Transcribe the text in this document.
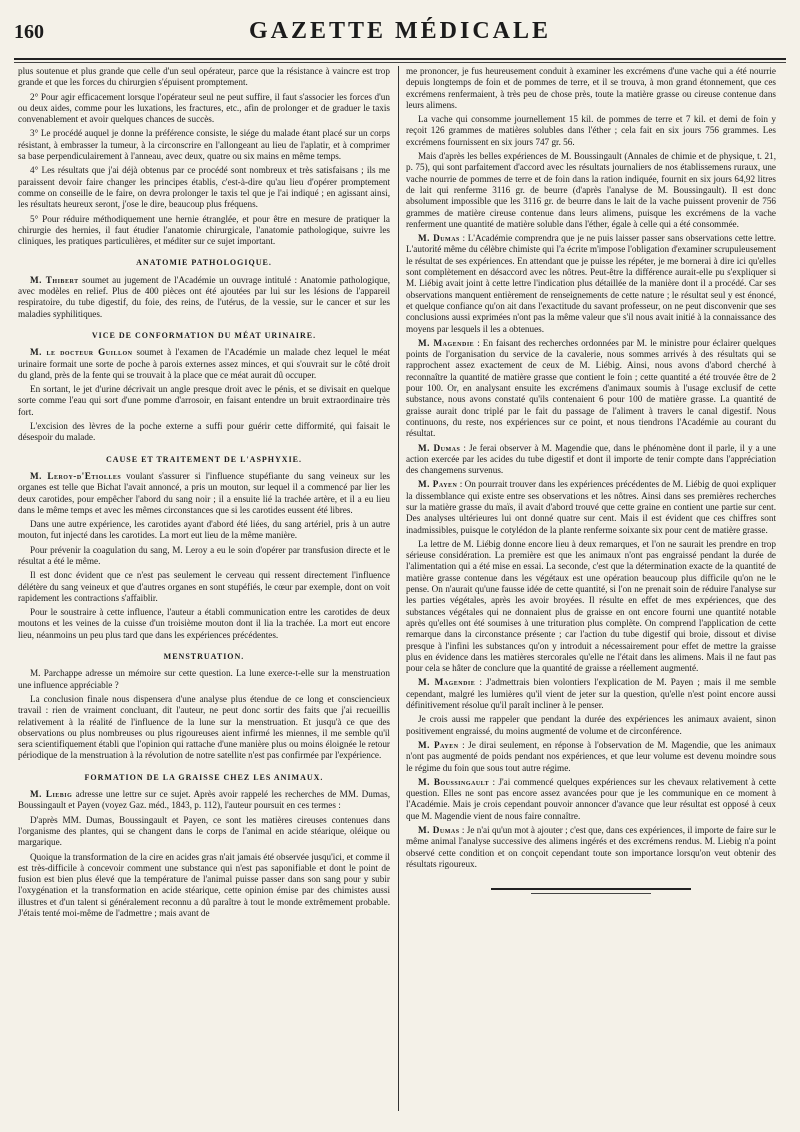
160	GAZETTE MÉDICALE

plus soutenue et plus grande que celle d'un seul opérateur, parce que la résistance à vaincre est trop grande et que les forces du chirurgien s'épuisent promptement.

2° Pour agir efficacement lorsque l'opérateur seul ne peut suffire, il faut s'associer les forces d'un ou deux aides, comme pour les luxations, les fractures, etc., afin de prolonger et de graduer le taxis convenablement et avoir quelques chances de succès.

3° Le procédé auquel je donne la préférence consiste, le siége du malade étant placé sur un corps résistant, à embrasser la tumeur, à la circonscrire en l'allongeant au lieu de l'aplatir, et à comprimer sa base perpendiculairement à l'anneau, avec deux, quatre ou six mains en même temps.

4° Les résultats que j'ai déjà obtenus par ce procédé sont nombreux et très satisfaisans ; ils me paraissent devoir faire changer les principes établis, c'est-à-dire qu'au lieu d'opérer promptement comme on conseille de le faire, on devra prolonger le taxis tel que je l'ai indiqué ; en agissant ainsi, les résultats heureux seront, j'ose le dire, beaucoup plus fréquens.

5° Pour réduire méthodiquement une hernie étranglée, et pour être en mesure de pratiquer la chirurgie des hernies, il faut étudier l'anatomie chirurgicale, l'anatomie pathologique, suivre les cliniques, les pratiques particulières, et méditer sur ce sujet important.

ANATOMIE PATHOLOGIQUE.

M. Thibert soumet au jugement de l'Académie un ouvrage intitulé : Anatomie pathologique, avec modèles en relief. Plus de 400 pièces ont été ajoutées par lui sur les lésions de l'appareil respiratoire, du tube digestif, du foie, des reins, de l'utérus, de la vessie, sur le cancer et sur les maladies syphilitiques.

VICE DE CONFORMATION DU MÉAT URINAIRE.

M. le docteur Guillon soumet à l'examen de l'Académie un malade chez lequel le méat urinaire formait une sorte de poche à parois externes assez minces, et qui s'ouvrait sur le côté droit du gland, près de la fente qui se trouvait à la place que ce méat aurait dû occuper.

En sortant, le jet d'urine décrivait un angle presque droit avec le pénis, et se divisait en quelque sorte comme l'eau qui sort d'une pomme d'arrosoir, en faisant entendre un bruit extraordinaire très fort.

L'excision des lèvres de la poche externe a suffi pour guérir cette difformité, qui faisait le désespoir du malade.

CAUSE ET TRAITEMENT DE L'ASPHYXIE.

M. Leroy-d'Etiolles voulant s'assurer si l'influence stupéfiante du sang veineux sur les organes est telle que Bichat l'avait annoncé, a pris un mouton, sur lequel il a commencé par lier les deux carotides, pour empêcher l'abord du sang noir ; il a ensuite lié la trachée artère, et il a eu lieu dans le même temps et avec les mêmes circonstances que si les carotides eussent été libres.

Dans une autre expérience, les carotides ayant d'abord été liées, du sang artériel, pris à un autre mouton, fut injecté dans les carotides. La mort eut lieu de la même manière.

Pour prévenir la coagulation du sang, M. Leroy a eu le soin d'opérer par transfusion directe et le résultat a été le même.

Il est donc évident que ce n'est pas seulement le cerveau qui ressent directement l'influence délétère du sang veineux et que d'autres organes en sont stupéfiés, le cœur par exemple, dont on voit rapidement les contractions s'affaiblir.

Pour le soustraire à cette influence, l'auteur a établi communication entre les carotides de deux moutons et les veines de la cuisse d'un troisième mouton dont il lia la trachée. La mort eut encore lieu, néanmoins un peu plus tard que dans les expériences précédentes.

MENSTRUATION.

M. Parchappe adresse un mémoire sur cette question. La lune exerce-t-elle sur la menstruation une influence appréciable ?

La conclusion finale nous dispensera d'une analyse plus étendue de ce long et consciencieux travail : rien de vraiment concluant, dit l'auteur, ne peut donc sortir des faits que j'ai recueillis relativement à la réalité de l'influence de la lune sur la menstruation. Et jusqu'à ce que des observations ou plus nombreuses ou plus rigoureuses aient infirmé les miennes, il me semble qu'il sera scientifiquement établi que l'opinion qui rattache d'une manière plus ou moins éloignée le retour périodique de la menstruation à la révolution de notre satellite n'est pas confirmée par l'expérience.

FORMATION DE LA GRAISSE CHEZ LES ANIMAUX.

M. Liebig adresse une lettre sur ce sujet. Après avoir rappelé les recherches de MM. Dumas, Boussingault et Payen (voyez Gaz. méd., 1843, p. 112), l'auteur poursuit en ces termes :

D'après MM. Dumas, Boussingault et Payen, ce sont les matières cireuses contenues dans l'organisme des plantes, qui se changent dans le corps de l'animal en acide stéarique, oléique ou margarique.

Quoique la transformation de la cire en acides gras n'ait jamais été observée jusqu'ici, et comme il est très-difficile à concevoir comment une substance qui n'est pas saponifiable et dont le point de fusion est bien plus élevé que la température de l'animal puisse passer dans son sang pour y subir l'oxygénation et la transformation en acide stéarique, cette opinion émise par des chimistes aussi illustres et d'un talent si généralement reconnu a dû paraître à tout le monde extrêmement probable. J'étais tenté moi-même de l'admettre ; mais avant de

me prononcer, je fus heureusement conduit à examiner les excrémens d'une vache qui a été nourrie depuis longtemps de foin et de pommes de terre, et il se trouva, à mon grand étonnement, que ces excrémens renfermaient, à très peu de chose près, toute la matière grasse ou cireuse contenue dans leurs alimens.

La vache qui consomme journellement 15 kil. de pommes de terre et 7 kil. et demi de foin y reçoit 126 grammes de matières solubles dans l'éther ; cela fait en six jours 756 grammes. Les excrémens fournissent en six jours 747 gr. 56.

Mais d'après les belles expériences de M. Boussingault (Annales de chimie et de physique, t. 21, p. 75), qui sont parfaitement d'accord avec les résultats journaliers de nos établissemens ruraux, une vache nourrie de pommes de terre et de foin dans la ration indiquée, fournit en six jours 64,92 litres de lait qui renferme 3116 gr. de beurre (d'après l'analyse de M. Boussingault). Il est donc absolument impossible que les 3116 gr. de beurre dans le lait de la vache puissent provenir de 756 grammes de matière cireuse contenue dans leurs alimens, puisque les excrémens de la vache renferment une quantité de matière soluble dans l'éther, égale à celle qui a été consommée.

M. Dumas : L'Académie comprendra que je ne puis laisser passer sans observations cette lettre. L'autorité même du célèbre chimiste qui l'a écrite m'impose l'obligation d'examiner scrupuleusement le résultat de ses expériences. En attendant que je puisse les répéter, je me bornerai à dire ici qu'elles sont complètement en désaccord avec les nôtres. Peut-être la différence aurait-elle pu s'expliquer si M. Liébig avait joint à cette lettre l'indication plus détaillée de la manière dont il a procédé. Car ses observations manquent entièrement de renseignements de cette nature ; le résultat seul y est énoncé, et quelque confiance qu'on ait dans l'exactitude du savant professeur, on ne peut disconvenir que ses conclusions aussi exprimées n'ont pas la même valeur que s'il nous avait initié à la connaissance des moyens par lesquels il les a obtenues.

M. Magendie : En faisant des recherches ordonnées par M. le ministre pour éclairer quelques points de l'organisation du service de la cavalerie, nous sommes arrivés à des résultats qui se rapprochent assez exactement de ceux de M. Liébig. Ainsi, nous avons d'abord cherché à reconnaître la quantité de matière grasse que contient le foin ; cette quantité a été trouvée être de 2 pour 100. Or, en analysant ensuite les excrémens d'animaux soumis à l'usage exclusif de cette substance, nous avons constaté qu'ils contenaient 6 pour 100 de matière grasse. La quantité de graisse aurait donc triplé par le fait du passage de l'aliment à travers le canal digestif. Nous continuons, du reste, nos expériences sur ce point, et nous tiendrons l'Académie au courant du résultat.

M. Dumas : Je ferai observer à M. Magendie que, dans le phénomène dont il parle, il y a une action exercée par les acides du tube digestif et dont il importe de tenir compte dans l'appréciation des changemens survenus.

M. Payen : On pourrait trouver dans les expériences précédentes de M. Liébig de quoi expliquer la dissemblance qui existe entre ses observations et les nôtres. Ainsi dans ses premières recherches sur la matière grasse du maïs, il avait d'abord trouvé que cette graine en contient une partie sur cent. Des analyses ultérieures lui ont donné quatre sur cent. Mais il est évident que ces chiffres sont inadmissibles, puisque le cotylédon de la plante renferme soixante six pour cent de matière grasse.

La lettre de M. Liébig donne encore lieu à deux remarques, et l'on ne saurait les prendre en trop sérieuse considération. La première est que les animaux n'ont pas engraissé pendant la durée de l'alimentation qui a été mise en essai. La seconde, c'est que la détermination exacte de la quantité de matière grasse contenue dans les végétaux est une opération beaucoup plus difficile qu'on ne le pense. On n'aurait qu'une fausse idée de cette quantité, si l'on ne prenait soin de réduire l'analyse sur les parties végétales, après les avoir broyées. Il résulte en effet de mes expériences, que des substances végétales qui ne donnaient plus de graisse en ont encore fourni une quantité notable après qu'elles ont été soumises à une trituration plus complète. On comprend l'application de cette remarque dans la circonstance présente ; car l'action du tube digestif qui broie, dissout et divise presque à l'infini les substances qu'on y introduit a nécessairement pour effet de mettre la graisse plus en évidence dans les matières stercorales qu'elle ne l'était dans les alimens. Mais il ne faut pas pour cela se hâter de conclure que la quantité de graisse a réellement augmenté.

M. Magendie : J'admettrais bien volontiers l'explication de M. Payen ; mais il me semble cependant, malgré les lumières qu'il vient de jeter sur la question, qu'elle n'est point encore aussi définitivement résolue qu'il paraît incliner à le penser.

Je crois aussi me rappeler que pendant la durée des expériences les animaux avaient, sinon positivement engraissé, du moins augmenté de volume et de circonférence.

M. Payen : Je dirai seulement, en réponse à l'observation de M. Magendie, que les animaux n'ont pas augmenté de poids pendant nos expériences, et que leur volume est devenu moindre sous le régime du foin que sous tout autre régime.

M. Boussingault : J'ai commencé quelques expériences sur les chevaux relativement à cette question. Elles ne sont pas encore assez avancées pour que je les communique en ce moment à l'Académie. Mais je crois cependant pouvoir annoncer d'avance que leur résultat est opposé à ceux que M. Magendie vient de nous faire connaître.

M. Dumas : Je n'ai qu'un mot à ajouter ; c'est que, dans ces expériences, il importe de faire sur le même animal l'analyse successive des alimens ingérés et des excrémens rendus. M. Liebig n'a point observé cette condition et on conçoit cependant toute son importance lorsqu'on veut obtenir des résultats rigoureux.
